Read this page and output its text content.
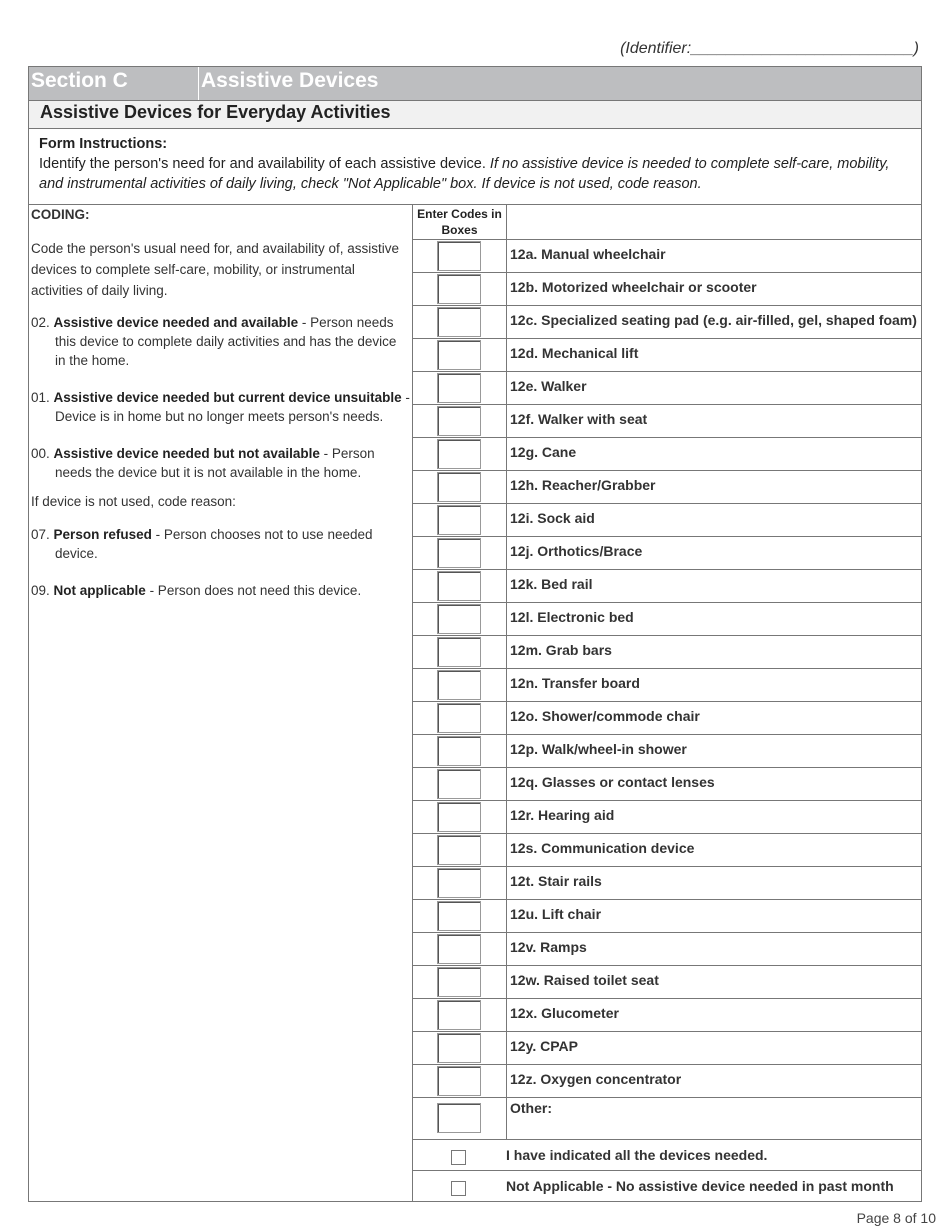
(Identifier:_________________________)
Section C	Assistive Devices
Assistive Devices for Everyday Activities
Form Instructions:
Identify the person's need for and availability of each assistive device. If no assistive device is needed to complete self-care, mobility, and instrumental activities of daily living, check "Not Applicable" box. If device is not used, code reason.
CODING:
Code the person's usual need for, and availability of, assistive devices to complete self-care, mobility, or instrumental activities of daily living.
02. Assistive device needed and available - Person needs this device to complete daily activities and has the device in the home.
01. Assistive device needed but current device unsuitable - Device is in home but no longer meets person's needs.
00. Assistive device needed but not available - Person needs the device but it is not available in the home.
If device is not used, code reason:
07. Person refused - Person chooses not to use needed device.
09. Not applicable - Person does not need this device.
Enter Codes in Boxes
12a. Manual wheelchair
12b. Motorized wheelchair or scooter
12c. Specialized seating pad (e.g. air-filled, gel, shaped foam)
12d. Mechanical lift
12e. Walker
12f. Walker with seat
12g. Cane
12h. Reacher/Grabber
12i. Sock aid
12j. Orthotics/Brace
12k. Bed rail
12l. Electronic bed
12m. Grab bars
12n. Transfer board
12o. Shower/commode chair
12p. Walk/wheel-in shower
12q. Glasses or contact lenses
12r. Hearing aid
12s. Communication device
12t. Stair rails
12u. Lift chair
12v. Ramps
12w. Raised toilet seat
12x. Glucometer
12y. CPAP
12z. Oxygen concentrator
Other:
I have indicated all the devices needed.
Not Applicable - No assistive device needed in past month
Page 8 of 10
